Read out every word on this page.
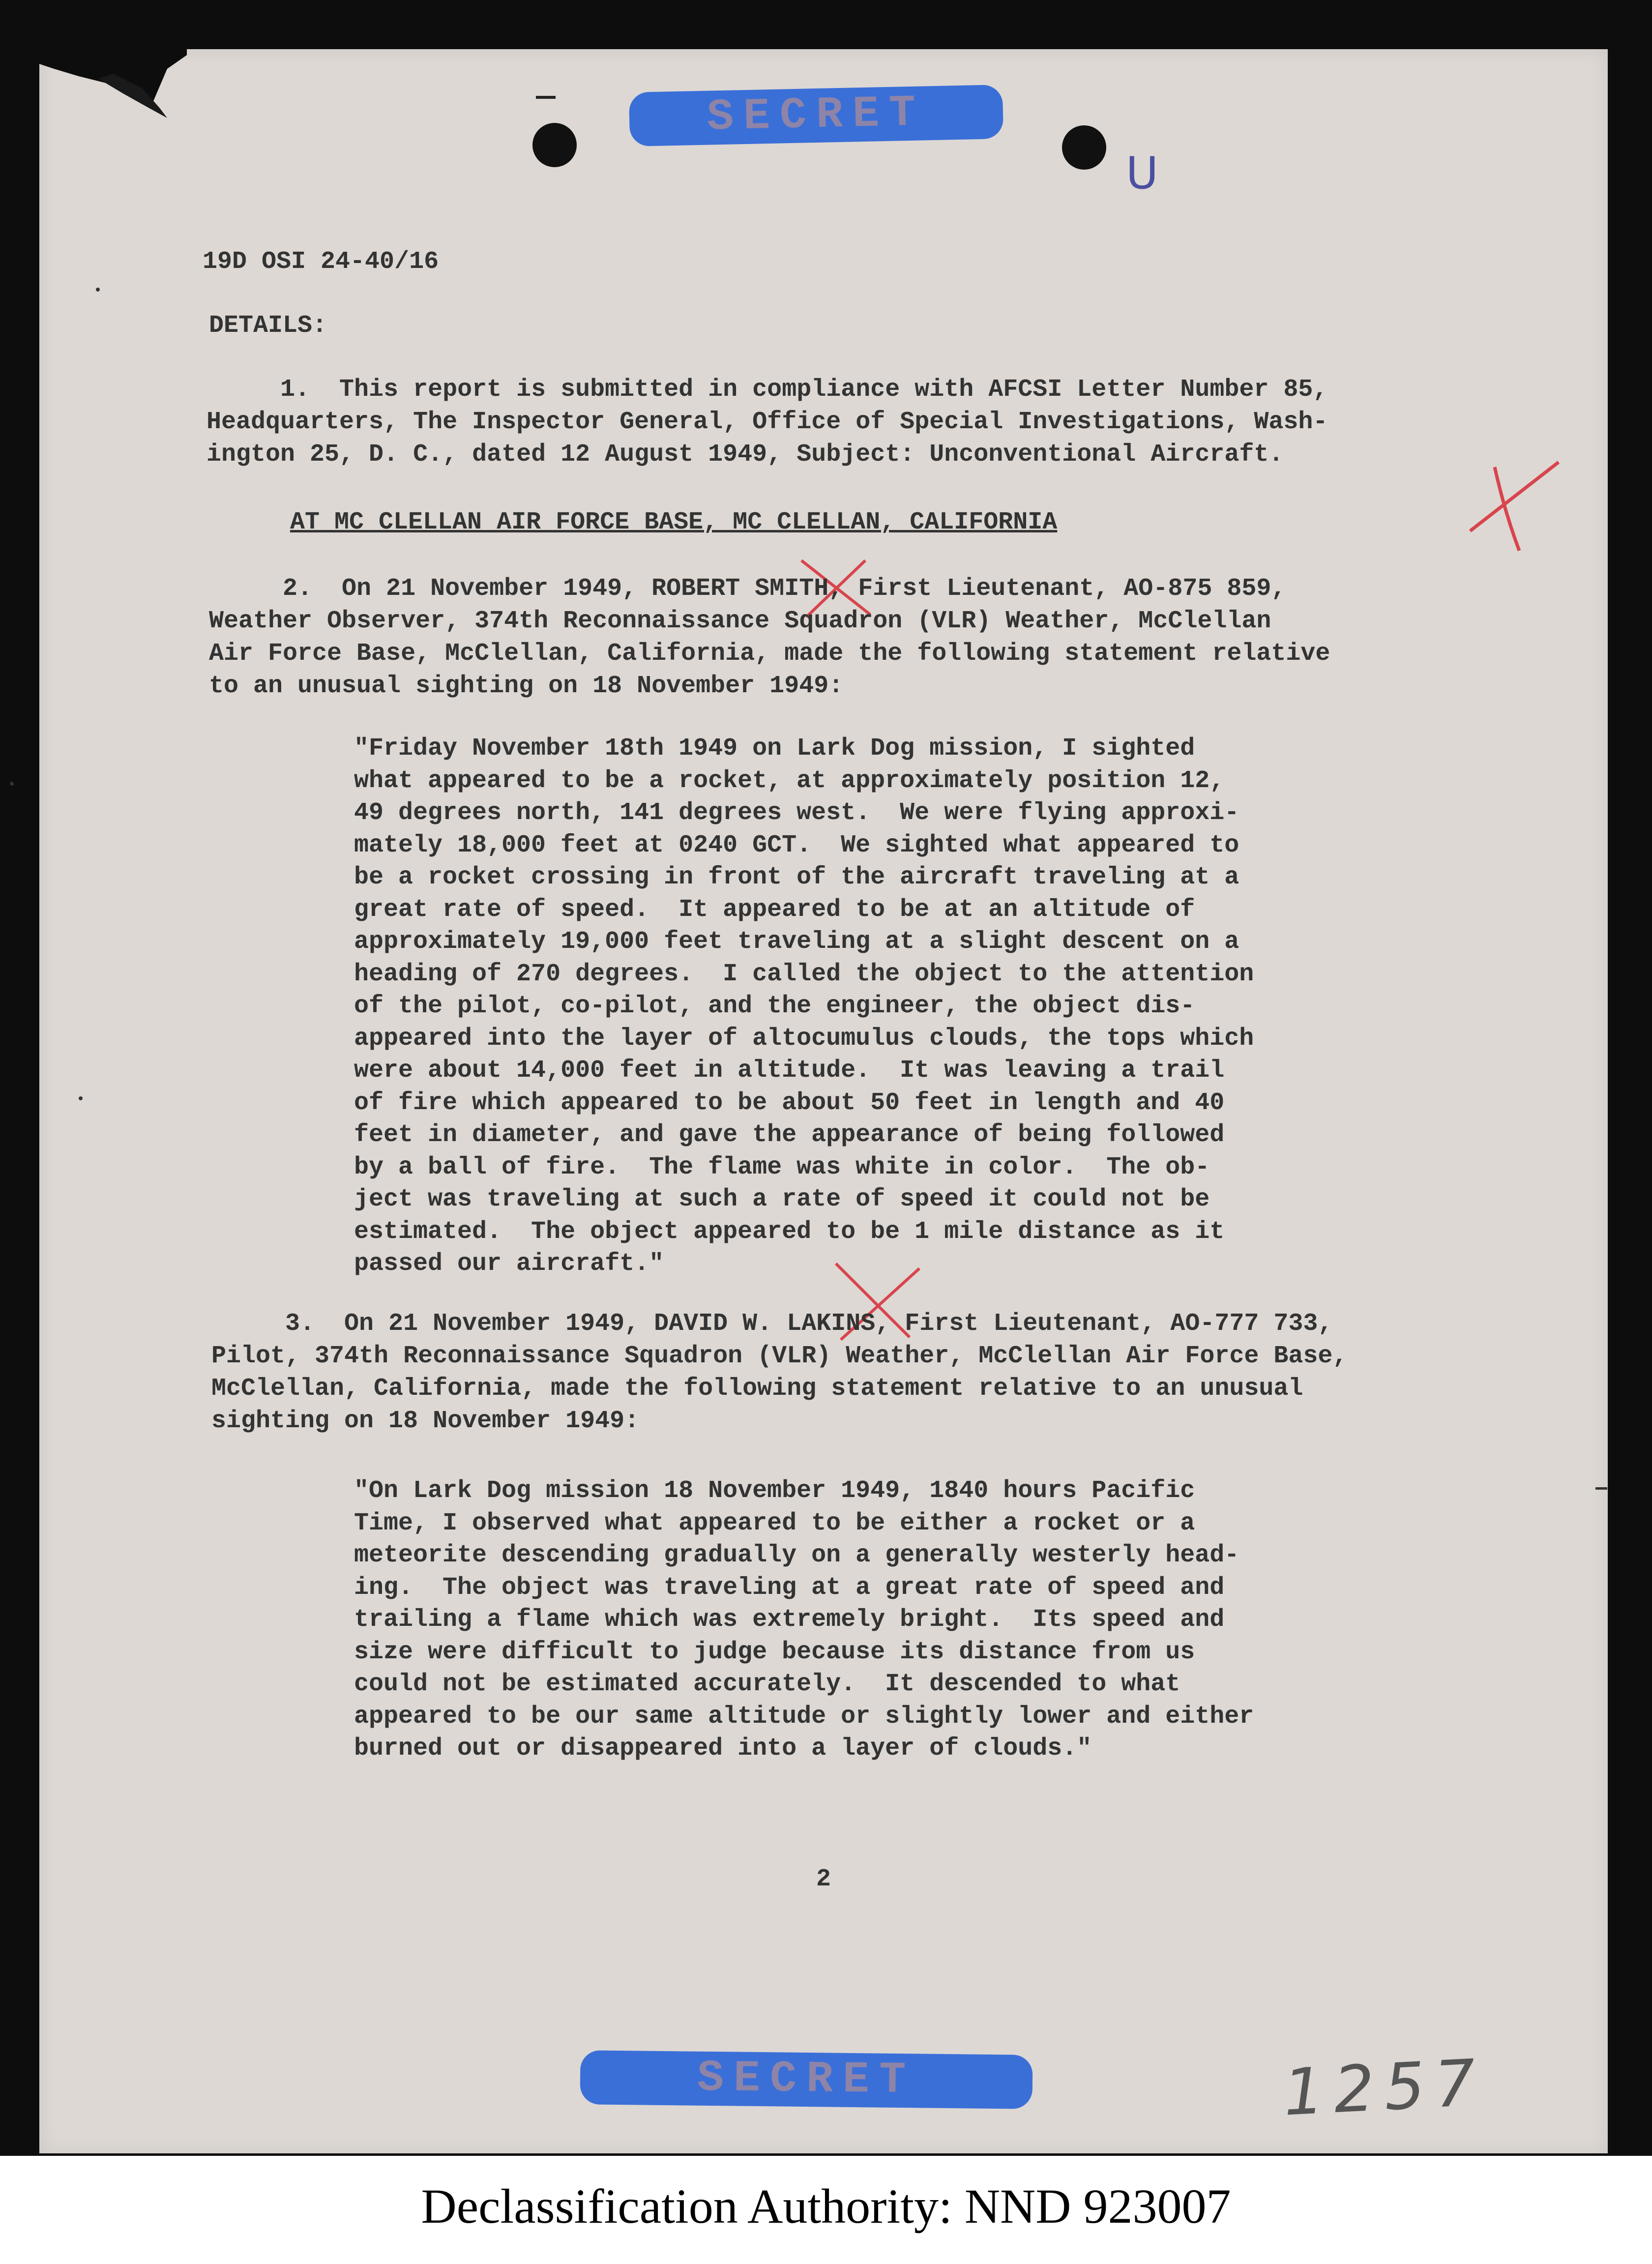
SECRET
U
19D OSI 24-40/16
DETAILS:
1.  This report is submitted in compliance with AFCSI Letter Number 85,
Headquarters, The Inspector General, Office of Special Investigations, Wash-
ington 25, D. C., dated 12 August 1949, Subject: Unconventional Aircraft.
AT MC CLELLAN AIR FORCE BASE, MC CLELLAN, CALIFORNIA
2.  On 21 November 1949, ROBERT SMITH, First Lieutenant, AO-875 859,
Weather Observer, 374th Reconnaissance Squadron (VLR) Weather, McClellan
Air Force Base, McClellan, California, made the following statement relative
to an unusual sighting on 18 November 1949:
"Friday November 18th 1949 on Lark Dog mission, I sighted
what appeared to be a rocket, at approximately position 12,
49 degrees north, 141 degrees west.  We were flying approxi-
mately 18,000 feet at 0240 GCT.  We sighted what appeared to
be a rocket crossing in front of the aircraft traveling at a
great rate of speed.  It appeared to be at an altitude of
approximately 19,000 feet traveling at a slight descent on a
heading of 270 degrees.  I called the object to the attention
of the pilot, co-pilot, and the engineer, the object dis-
appeared into the layer of altocumulus clouds, the tops which
were about 14,000 feet in altitude.  It was leaving a trail
of fire which appeared to be about 50 feet in length and 40
feet in diameter, and gave the appearance of being followed
by a ball of fire.  The flame was white in color.  The ob-
ject was traveling at such a rate of speed it could not be
estimated.  The object appeared to be 1 mile distance as it
passed our aircraft."
3.  On 21 November 1949, DAVID W. LAKINS, First Lieutenant, AO-777 733,
Pilot, 374th Reconnaissance Squadron (VLR) Weather, McClellan Air Force Base,
McClellan, California, made the following statement relative to an unusual
sighting on 18 November 1949:
"On Lark Dog mission 18 November 1949, 1840 hours Pacific
Time, I observed what appeared to be either a rocket or a
meteorite descending gradually on a generally westerly head-
ing.  The object was traveling at a great rate of speed and
trailing a flame which was extremely bright.  Its speed and
size were difficult to judge because its distance from us
could not be estimated accurately.  It descended to what
appeared to be our same altitude or slightly lower and either
burned out or disappeared into a layer of clouds."
2
SECRET	1257
Declassification Authority: NND 923007
